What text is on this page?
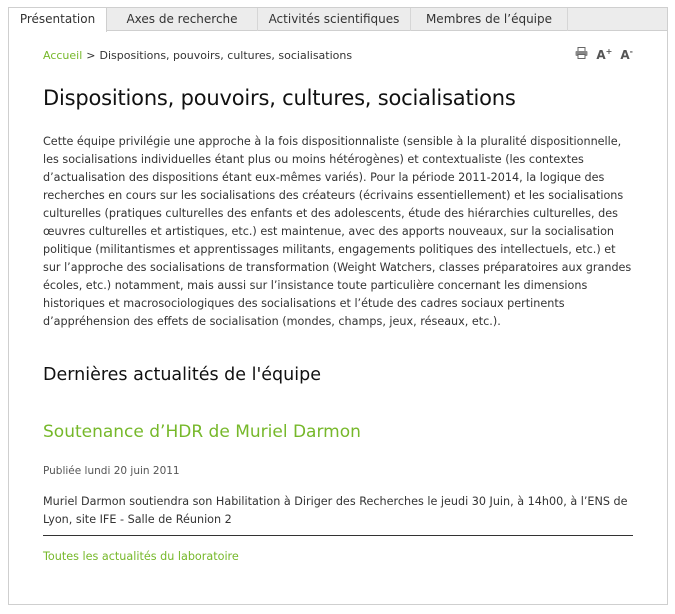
Présentation	Axes de recherche	Activités scientifiques	Membres de l’équipe
Accueil > Dispositions, pouvoirs, cultures, socialisations	A+ A-
Dispositions, pouvoirs, cultures, socialisations

Cette équipe privilégie une approche à la fois dispositionnaliste (sensible à la pluralité dispositionnelle, les socialisations individuelles étant plus ou moins hétérogènes) et contextualiste (les contextes d’actualisation des dispositions étant eux-mêmes variés). Pour la période 2011-2014, la logique des recherches en cours sur les socialisations des créateurs (écrivains essentiellement) et les socialisations culturelles (pratiques culturelles des enfants et des adolescents, étude des hiérarchies culturelles, des œuvres culturelles et artistiques, etc.) est maintenue, avec des apports nouveaux, sur la socialisation politique (militantismes et apprentissages militants, engagements politiques des intellectuels, etc.) et sur l’approche des socialisations de transformation (Weight Watchers, classes préparatoires aux grandes écoles, etc.) notamment, mais aussi sur l’insistance toute particulière concernant les dimensions historiques et macrosociologiques des socialisations et l’étude des cadres sociaux pertinents d’appréhension des effets de socialisation (mondes, champs, jeux, réseaux, etc.).

Dernières actualités de l'équipe
Soutenance d’HDR de Muriel Darmon
Publiée lundi 20 juin 2011

Muriel Darmon soutiendra son Habilitation à Diriger des Recherches le jeudi 30 Juin, à 14h00, à l’ENS de Lyon, site IFE - Salle de Réunion 2

Toutes les actualités du laboratoire
